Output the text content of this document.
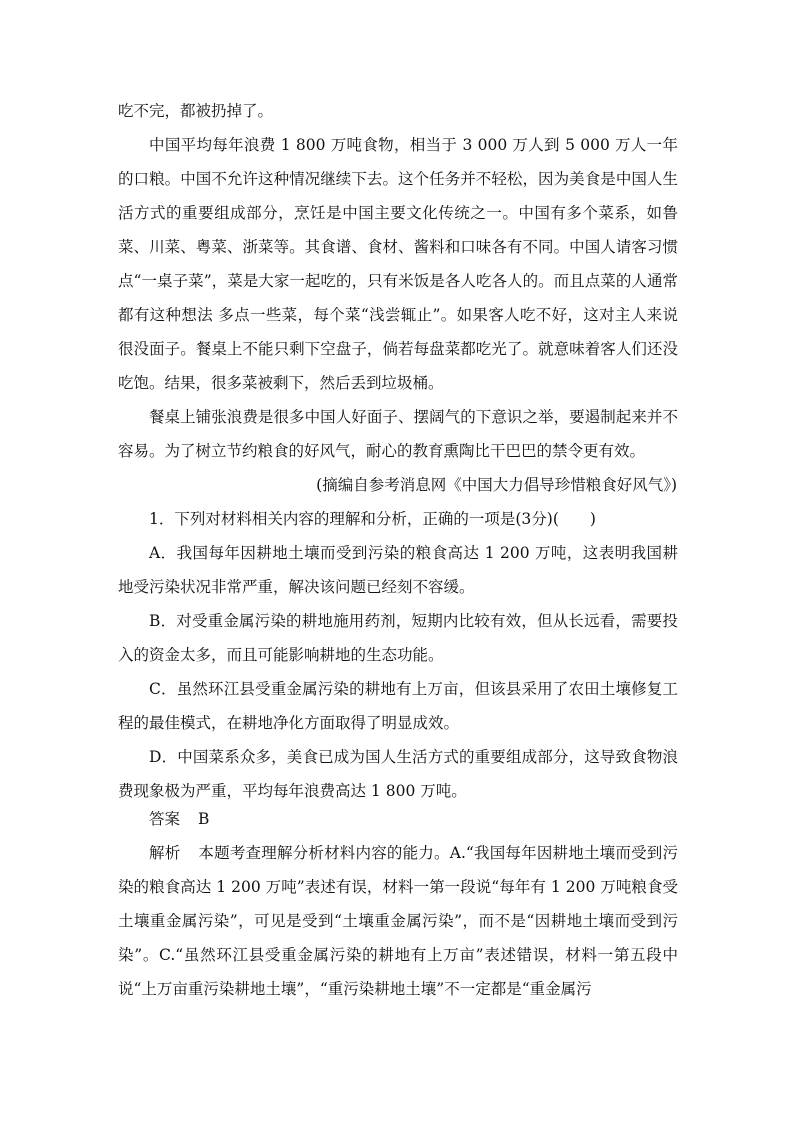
吃不完，都被扔掉了。

中国平均每年浪费 1 800 万吨食物，相当于 3 000 万人到 5 000 万人一年的口粮。中国不允许这种情况继续下去。这个任务并不轻松，因为美食是中国人生活方式的重要组成部分，烹饪是中国主要文化传统之一。中国有多个菜系，如鲁菜、川菜、粤菜、浙菜等。其食谱、食材、酱料和口味各有不同。中国人请客习惯点“一桌子菜”，菜是大家一起吃的，只有米饭是各人吃各人的。而且点菜的人通常都有这种想法 多点一些菜，每个菜“浅尝辄止”。如果客人吃不好，这对主人来说很没面子。餐桌上不能只剩下空盘子，倘若每盘菜都吃光了。就意味着客人们还没吃饱。结果，很多菜被剩下，然后丢到垃圾桶。

餐桌上铺张浪费是很多中国人好面子、摆阔气的下意识之举，要遏制起来并不容易。为了树立节约粮食的好风气，耐心的教育熏陶比干巴巴的禁令更有效。

(摘编自参考消息网《中国大力倡导珍惜粮食好风气》)

1．下列对材料相关内容的理解和分析，正确的一项是(3分)(　　)

A．我国每年因耕地土壤而受到污染的粮食高达 1 200 万吨，这表明我国耕地受污染状况非常严重，解决该问题已经刻不容缓。

B．对受重金属污染的耕地施用药剂，短期内比较有效，但从长远看，需要投入的资金太多，而且可能影响耕地的生态功能。

C．虽然环江县受重金属污染的耕地有上万亩，但该县采用了农田土壤修复工程的最佳模式，在耕地净化方面取得了明显成效。

D．中国菜系众多，美食已成为国人生活方式的重要组成部分，这导致食物浪费现象极为严重，平均每年浪费高达 1 800 万吨。

答案 B

解析 本题考查理解分析材料内容的能力。A.“我国每年因耕地土壤而受到污染的粮食高达 1 200 万吨”表述有误，材料一第一段说“每年有 1 200 万吨粮食受土壤重金属污染”，可见是受到“土壤重金属污染”，而不是“因耕地土壤而受到污染”。C.“虽然环江县受重金属污染的耕地有上万亩”表述错误，材料一第五段中说“上万亩重污染耕地土壤”，“重污染耕地土壤”不一定都是“重金属污
